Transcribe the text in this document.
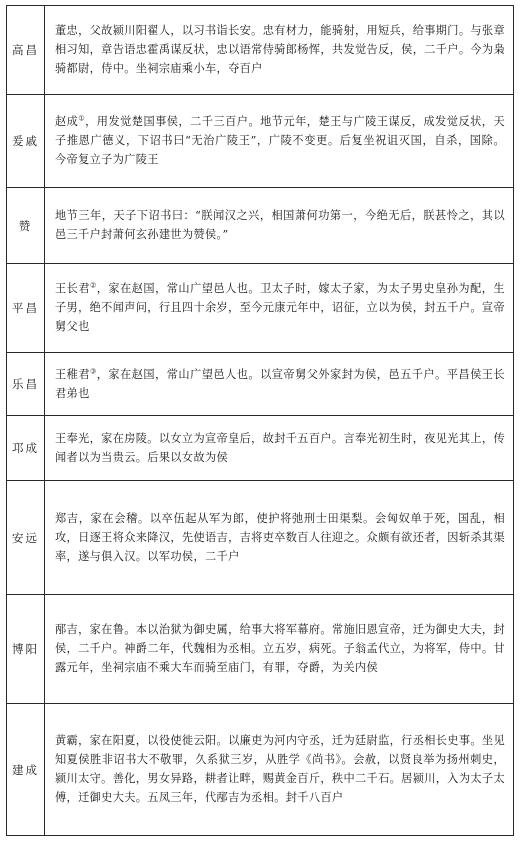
高昌	董忠，父故颍川阳翟人，以习书诣长安。忠有材力，能骑射，用短兵，给事期门。与张章相习知，章告语忠霍禹谋反状，忠以语常侍骑郎杨恽，共发觉告反，侯，二千户。今为枭骑都尉，侍中。坐祠宗庙乘小车，夺百户
爰戚	赵成①，用发觉楚国事侯，二千三百户。地节元年，楚王与广陵王谋反，成发觉反状，天子推恩广德义，下诏书曰“无治广陵王”，广陵不变更。后复坐祝诅灭国，自杀，国除。今帝复立子为广陵王
赞	地节三年，天子下诏书曰：“朕闻汉之兴，相国萧何功第一，今绝无后，朕甚怜之，其以邑三千户封萧何玄孙建世为赞侯。”
平昌	王长君②，家在赵国，常山广望邑人也。卫太子时，嫁太子家，为太子男史皇孙为配，生子男，绝不闻声问，行且四十余岁，至今元康元年中，诏征，立以为侯，封五千户。宣帝舅父也
乐昌	王稚君③，家在赵国，常山广望邑人也。以宣帝舅父外家封为侯，邑五千户。平昌侯王长君弟也
邛成	王奉光，家在房陵。以女立为宣帝皇后，故封千五百户。言奉光初生时，夜见光其上，传闻者以为当贵云。后果以女故为侯
安远	郑吉，家在会稽。以卒伍起从军为郎，使护将弛刑士田渠梨。会匈奴单于死，国乱，相攻，日逐王将众来降汉，先使语吉，吉将吏卒数百人往迎之。众颇有欲还者，因斩杀其渠率，遂与俱入汉。以军功侯，二千户
博阳	邴吉，家在鲁。本以治狱为御史属，给事大将军幕府。常施旧恩宣帝，迁为御史大夫，封侯，二千户。神爵二年，代魏相为丞相。立五岁，病死。子翁孟代立，为将军，侍中。甘露元年，坐祠宗庙不乘大车而骑至庙门，有罪，夺爵，为关内侯
建成	黄霸，家在阳夏，以役使徙云阳。以廉吏为河内守丞，迁为廷尉监，行丞相长史事。坐见知夏侯胜非诏书大不敬罪，久系狱三岁，从胜学《尚书》。会赦，以贤良举为扬州刺史，颍川太守。善化，男女异路，耕者让畔，赐黄金百斤，秩中二千石。居颍川，入为太子太傅，迁御史大夫。五凤三年，代邴吉为丞相。封千八百户
